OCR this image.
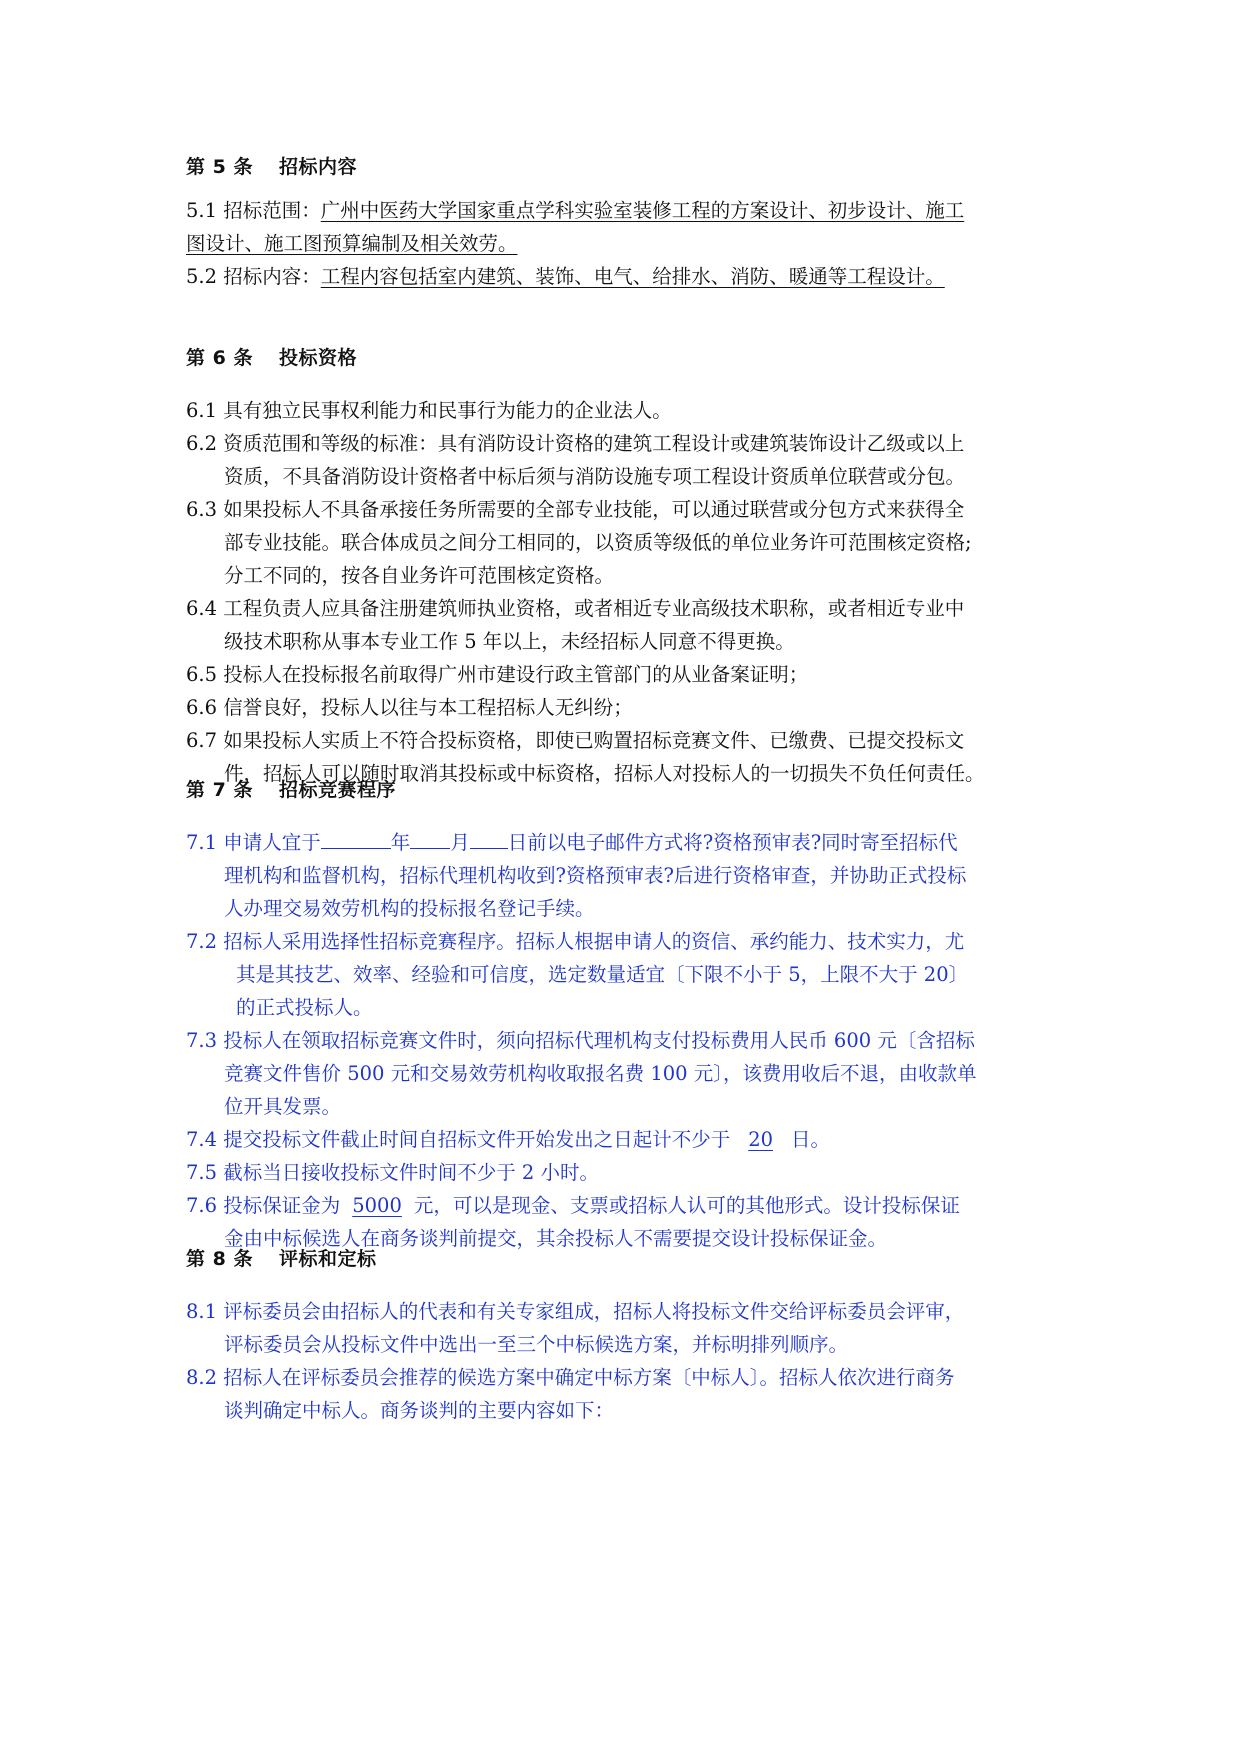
第 5 条 招标内容
5.1 招标范围：广州中医药大学国家重点学科实验室装修工程的方案设计、初步设计、施工
图设计、施工图预算编制及相关效劳。
5.2 招标内容：工程内容包括室内建筑、装饰、电气、给排水、消防、暖通等工程设计。
第 6 条 投标资格
6.1 具有独立民事权利能力和民事行为能力的企业法人。
6.2 资质范围和等级的标准：具有消防设计资格的建筑工程设计或建筑装饰设计乙级或以上
资质，不具备消防设计资格者中标后须与消防设施专项工程设计资质单位联营或分包。
6.3 如果投标人不具备承接任务所需要的全部专业技能，可以通过联营或分包方式来获得全
部专业技能。联合体成员之间分工相同的，以资质等级低的单位业务许可范围核定资格;
分工不同的，按各自业务许可范围核定资格。
6.4 工程负责人应具备注册建筑师执业资格，或者相近专业高级技术职称，或者相近专业中
级技术职称从事本专业工作 5 年以上，未经招标人同意不得更换。
6.5 投标人在投标报名前取得广州市建设行政主管部门的从业备案证明；
6.6 信誉良好，投标人以往与本工程招标人无纠纷；
6.7 如果投标人实质上不符合投标资格，即使已购置招标竞赛文件、已缴费、已提交投标文
件，招标人可以随时取消其投标或中标资格，招标人对投标人的一切损失不负任何责任。
第 7 条 招标竞赛程序
7.1 申请人宜于	年 月 日前以电子邮件方式将?资格预审表?同时寄至招标代
理机构和监督机构，招标代理机构收到?资格预审表?后进行资格审查，并协助正式投标
人办理交易效劳机构的投标报名登记手续。
7.2 招标人采用选择性招标竞赛程序。招标人根据申请人的资信、承约能力、技术实力，尤
其是其技艺、效率、经验和可信度，选定数量适宜〔下限不小于 5，上限不大于 20〕
的正式投标人。
7.3 投标人在领取招标竞赛文件时，须向招标代理机构支付投标费用人民币 600 元〔含招标
竞赛文件售价 500 元和交易效劳机构收取报名费 100 元〕，该费用收后不退，由收款单
位开具发票。
7.4 提交投标文件截止时间自招标文件开始发出之日起计不少于 20 日。
7.5 截标当日接收投标文件时间不少于 2 小时。
7.6 投标保证金为 5000 元，可以是现金、支票或招标人认可的其他形式。设计投标保证
金由中标候选人在商务谈判前提交，其余投标人不需要提交设计投标保证金。
第 8 条 评标和定标
8.1 评标委员会由招标人的代表和有关专家组成，招标人将投标文件交给评标委员会评审，
评标委员会从投标文件中选出一至三个中标候选方案，并标明排列顺序。
8.2 招标人在评标委员会推荐的候选方案中确定中标方案〔中标人〕。招标人依次进行商务
谈判确定中标人。商务谈判的主要内容如下：
